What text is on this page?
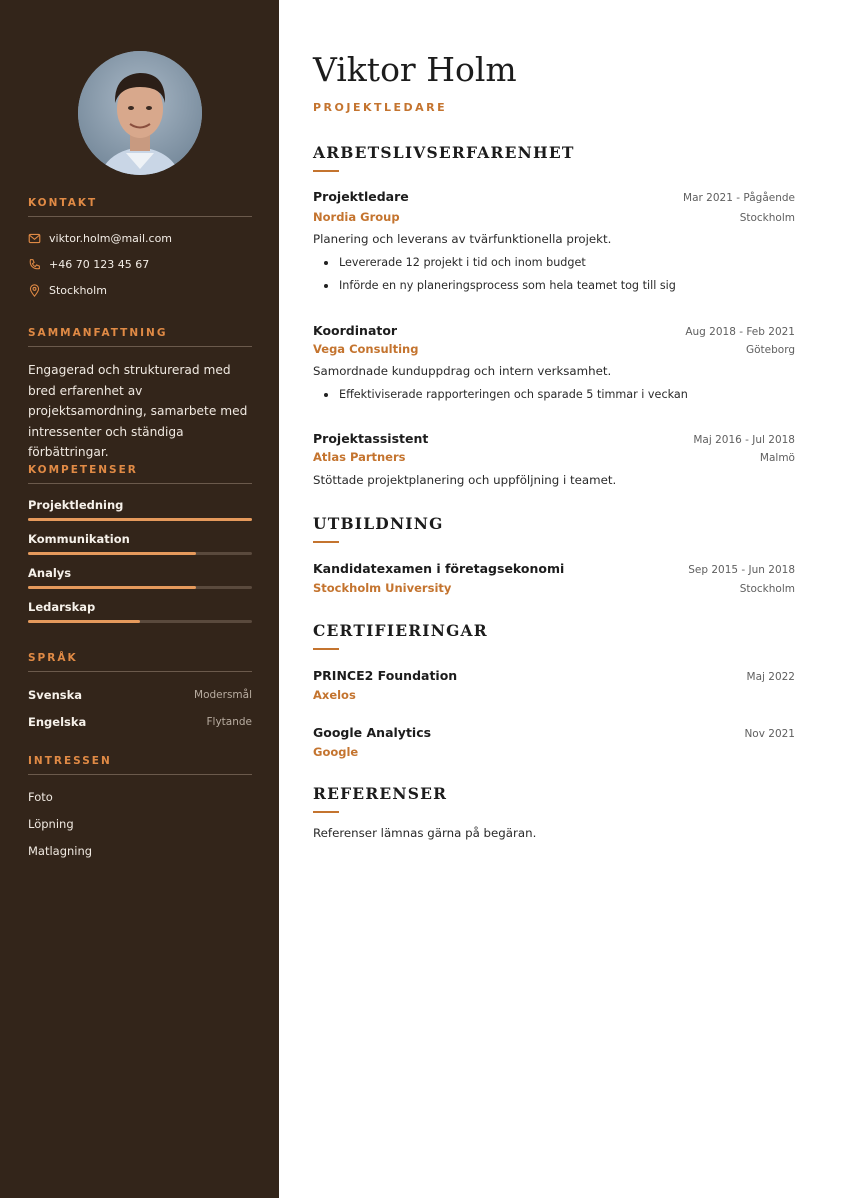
KONTAKT
viktor.holm@mail.com
+46 70 123 45 67
Stockholm
SAMMANFATTNING
Engagerad och strukturerad med bred erfarenhet av projektsamordning, samarbete med intressenter och ständiga förbättringar.
KOMPETENSER
Projektledning
Kommunikation
Analys
Ledarskap
SPRÅK
Svenska	Modersmål
Engelska	Flytande
INTRESSEN
Foto
Löpning
Matlagning
Viktor Holm
PROJEKTLEDARE
ARBETSLIVSERFARENHET
Projektledare	Mar 2021 - Pågående
Nordia Group	Stockholm
Planering och leverans av tvärfunktionella projekt.
Levererade 12 projekt i tid och inom budget
Införde en ny planeringsprocess som hela teamet tog till sig
Koordinator	Aug 2018 - Feb 2021
Vega Consulting	Göteborg
Samordnade kunduppdrag och intern verksamhet.
Effektiviserade rapporteringen och sparade 5 timmar i veckan
Projektassistent	Maj 2016 - Jul 2018
Atlas Partners	Malmö
Stöttade projektplanering och uppföljning i teamet.
UTBILDNING
Kandidatexamen i företagsekonomi	Sep 2015 - Jun 2018
Stockholm University	Stockholm
CERTIFIERINGAR
PRINCE2 Foundation	Maj 2022
Axelos
Google Analytics	Nov 2021
Google
REFERENSER
Referenser lämnas gärna på begäran.
